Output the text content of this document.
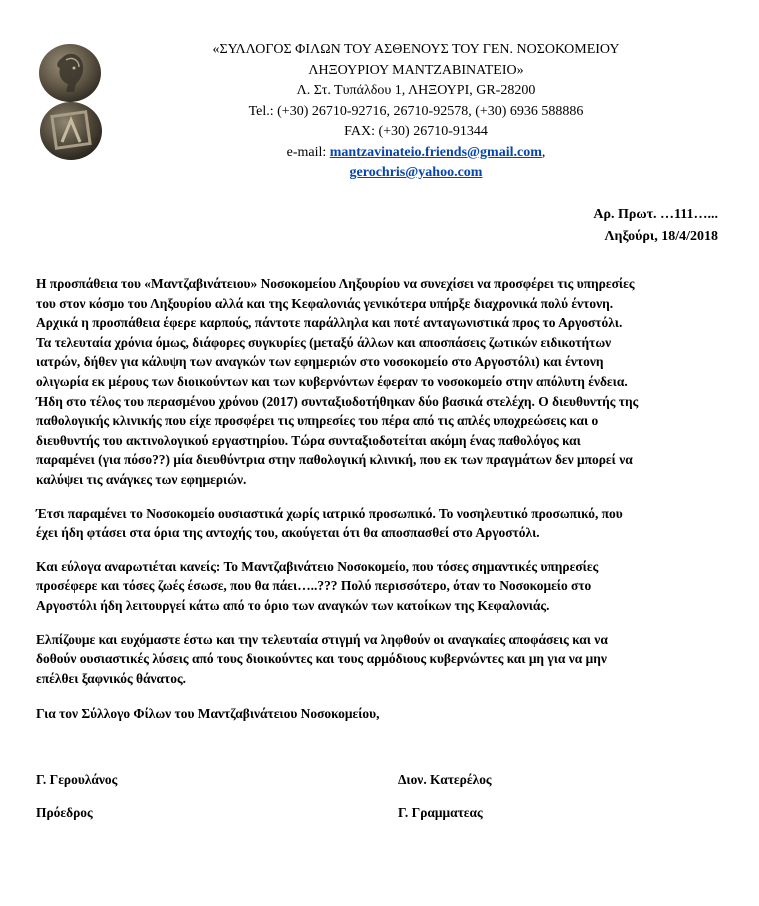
«ΣΥΛΛΟΓΟΣ ΦΙΛΩΝ ΤΟΥ ΑΣΘΕΝΟΥΣ ΤΟΥ ΓΕΝ. ΝΟΣΟΚΟΜΕΙΟΥ
ΛΗΞΟΥΡΙΟΥ ΜΑΝΤΖΑΒΙΝΑΤΕΙΟ»
Λ. Στ. Τυπάλδου 1, ΛΗΞΟΥΡΙ, GR-28200
Tel.: (+30) 26710-92716, 26710-92578, (+30) 6936 588886
FAX: (+30) 26710-91344
e-mail: mantzavinateio.friends@gmail.com,
gerochris@yahoo.com
Αρ. Πρωτ. …111…...
Ληξούρι, 18/4/2018
Η προσπάθεια του «Μαντζαβινάτειου» Νοσοκομείου Ληξουρίου να συνεχίσει να προσφέρει τις υπηρεσίες
του στον κόσμο του Ληξουρίου αλλά και της Κεφαλονιάς γενικότερα υπήρξε διαχρονικά πολύ έντονη.
Αρχικά η προσπάθεια έφερε καρπούς, πάντοτε παράλληλα και ποτέ ανταγωνιστικά προς το Αργοστόλι.
Τα τελευταία χρόνια όμως, διάφορες συγκυρίες (μεταξύ άλλων και αποσπάσεις ζωτικών ειδικοτήτων
ιατρών, δήθεν για κάλυψη των αναγκών των εφημεριών στο νοσοκομείο στο Αργοστόλι) και έντονη
ολιγωρία εκ μέρους των διοικούντων και των κυβερνόντων έφεραν το νοσοκομείο στην απόλυτη ένδεια.
Ήδη στο τέλος του περασμένου χρόνου (2017) συνταξιοδοτήθηκαν δύο βασικά στελέχη. Ο διευθυντής της
παθολογικής κλινικής που είχε προσφέρει τις υπηρεσίες του πέρα από τις απλές υποχρεώσεις και ο
διευθυντής του ακτινολογικού εργαστηρίου. Τώρα συνταξιοδοτείται ακόμη ένας παθολόγος και
παραμένει (για πόσο??) μία διευθύντρια στην παθολογική κλινική, που εκ των πραγμάτων δεν μπορεί να
καλύψει τις ανάγκες των εφημεριών.
Έτσι παραμένει το Νοσοκομείο ουσιαστικά χωρίς ιατρικό προσωπικό. Το νοσηλευτικό προσωπικό, που
έχει ήδη φτάσει στα όρια της αντοχής του, ακούγεται ότι θα αποσπασθεί στο Αργοστόλι.
Και εύλογα αναρωτιέται κανείς: Το Μαντζαβινάτειο Νοσοκομείο, που τόσες σημαντικές υπηρεσίες
προσέφερε και τόσες ζωές έσωσε, που θα πάει…..??? Πολύ περισσότερο, όταν το Νοσοκομείο στο
Αργοστόλι ήδη λειτουργεί κάτω από το όριο των αναγκών των κατοίκων της Κεφαλονιάς.
Ελπίζουμε και ευχόμαστε έστω και την τελευταία στιγμή να ληφθούν οι αναγκαίες αποφάσεις και να
δοθούν ουσιαστικές λύσεις από τους διοικούντες και τους αρμόδιους κυβερνώντες και μη για να μην
επέλθει ξαφνικός θάνατος.
Για τον Σύλλογο Φίλων του Μαντζαβινάτειου Νοσοκομείου,
Γ. Γερουλάνος
Πρόεδρος
Διον. Κατερέλος
Γ. Γραμματεας
